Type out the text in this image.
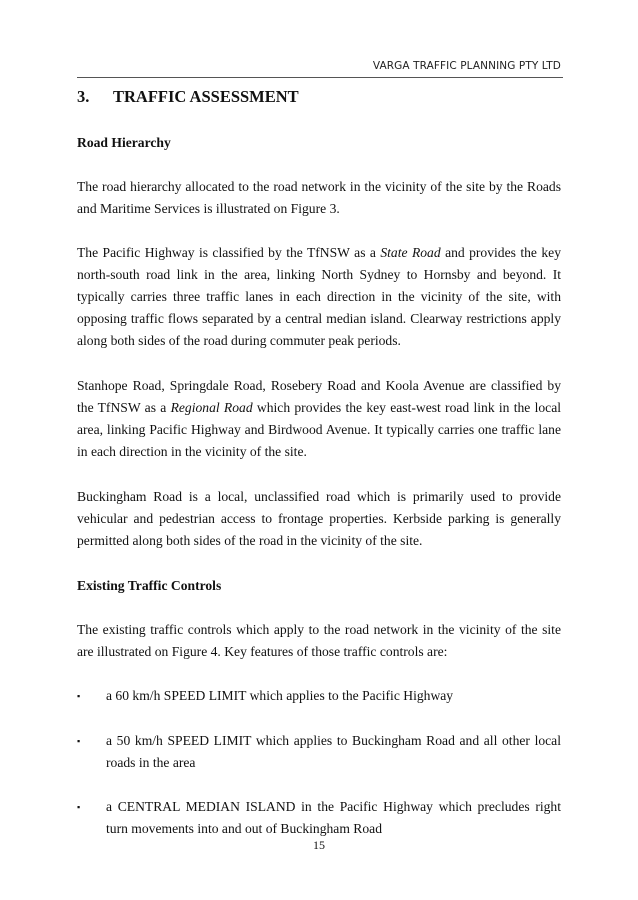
VARGA TRAFFIC PLANNING PTY LTD
3. TRAFFIC ASSESSMENT
Road Hierarchy
The road hierarchy allocated to the road network in the vicinity of the site by the Roads and Maritime Services is illustrated on Figure 3.
The Pacific Highway is classified by the TfNSW as a State Road and provides the key north-south road link in the area, linking North Sydney to Hornsby and beyond. It typically carries three traffic lanes in each direction in the vicinity of the site, with opposing traffic flows separated by a central median island. Clearway restrictions apply along both sides of the road during commuter peak periods.
Stanhope Road, Springdale Road, Rosebery Road and Koola Avenue are classified by the TfNSW as a Regional Road which provides the key east-west road link in the local area, linking Pacific Highway and Birdwood Avenue. It typically carries one traffic lane in each direction in the vicinity of the site.
Buckingham Road is a local, unclassified road which is primarily used to provide vehicular and pedestrian access to frontage properties. Kerbside parking is generally permitted along both sides of the road in the vicinity of the site.
Existing Traffic Controls
The existing traffic controls which apply to the road network in the vicinity of the site are illustrated on Figure 4. Key features of those traffic controls are:
▪ a 60 km/h SPEED LIMIT which applies to the Pacific Highway
▪ a 50 km/h SPEED LIMIT which applies to Buckingham Road and all other local roads in the area
▪ a CENTRAL MEDIAN ISLAND in the Pacific Highway which precludes right turn movements into and out of Buckingham Road
15
